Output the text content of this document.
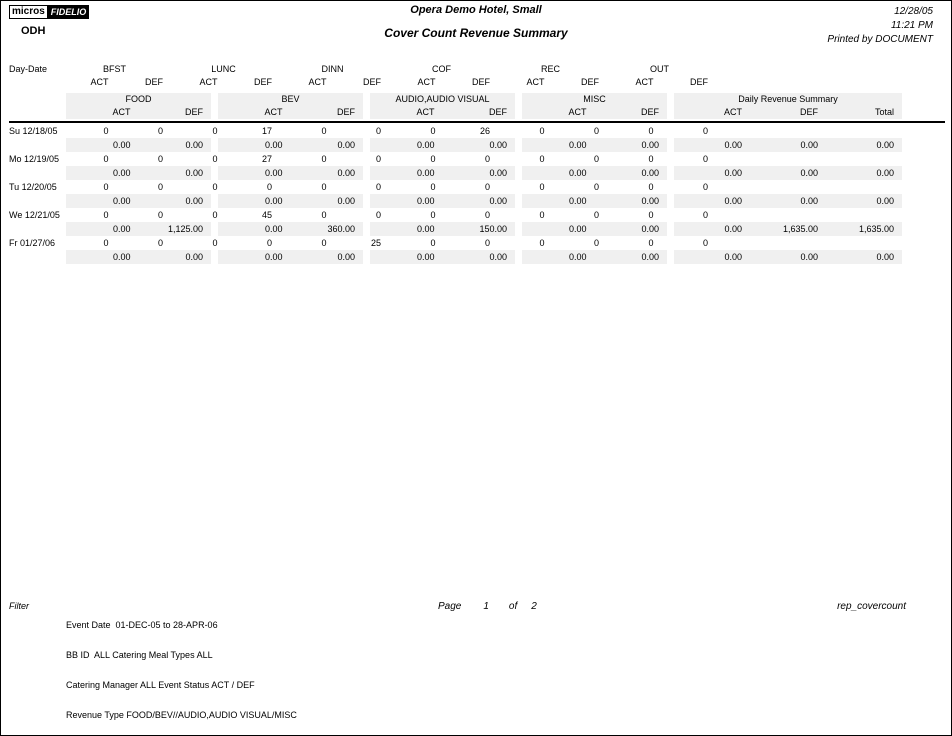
micros FIDELIO
ODH
Opera Demo Hotel, Small
Cover Count Revenue Summary
12/28/05
11:21 PM
Printed by DOCUMENT
Day-Date	BFST	LUNC	DINN	COF	REC	OUT
ACT	DEF	ACT	DEF	ACT	DEF	ACT	DEF	ACT	DEF	ACT	DEF
FOOD	BEV	AUDIO,AUDIO VISUAL	MISC	Daily Revenue Summary
ACT	DEF	ACT	DEF	ACT	DEF	ACT	DEF	ACT	DEF	Total
Su 12/18/05	0	0	0	17	0	0	0	26	0	0	0	0
0.00	0.00	0.00	0.00	0.00	0.00	0.00	0.00	0.00	0.00	0.00
Mo 12/19/05	0	0	0	27	0	0	0	0	0	0	0	0
0.00	0.00	0.00	0.00	0.00	0.00	0.00	0.00	0.00	0.00	0.00
Tu 12/20/05	0	0	0	0	0	0	0	0	0	0	0	0
0.00	0.00	0.00	0.00	0.00	0.00	0.00	0.00	0.00	0.00	0.00
We 12/21/05	0	0	0	45	0	0	0	0	0	0	0	0
0.00	1,125.00	0.00	360.00	0.00	150.00	0.00	0.00	0.00	1,635.00	1,635.00
Fr 01/27/06	0	0	0	0	0	25	0	0	0	0	0	0
0.00	0.00	0.00	0.00	0.00	0.00	0.00	0.00	0.00	0.00	0.00
Filter

Event Date  01-DEC-05 to 28-APR-06

BB ID  ALL Catering Meal Types ALL

Catering Manager ALL Event Status ACT / DEF

Revenue Type FOOD/BEV//AUDIO,AUDIO VISUAL/MISC

Page 1 of 2	rep_covercount
